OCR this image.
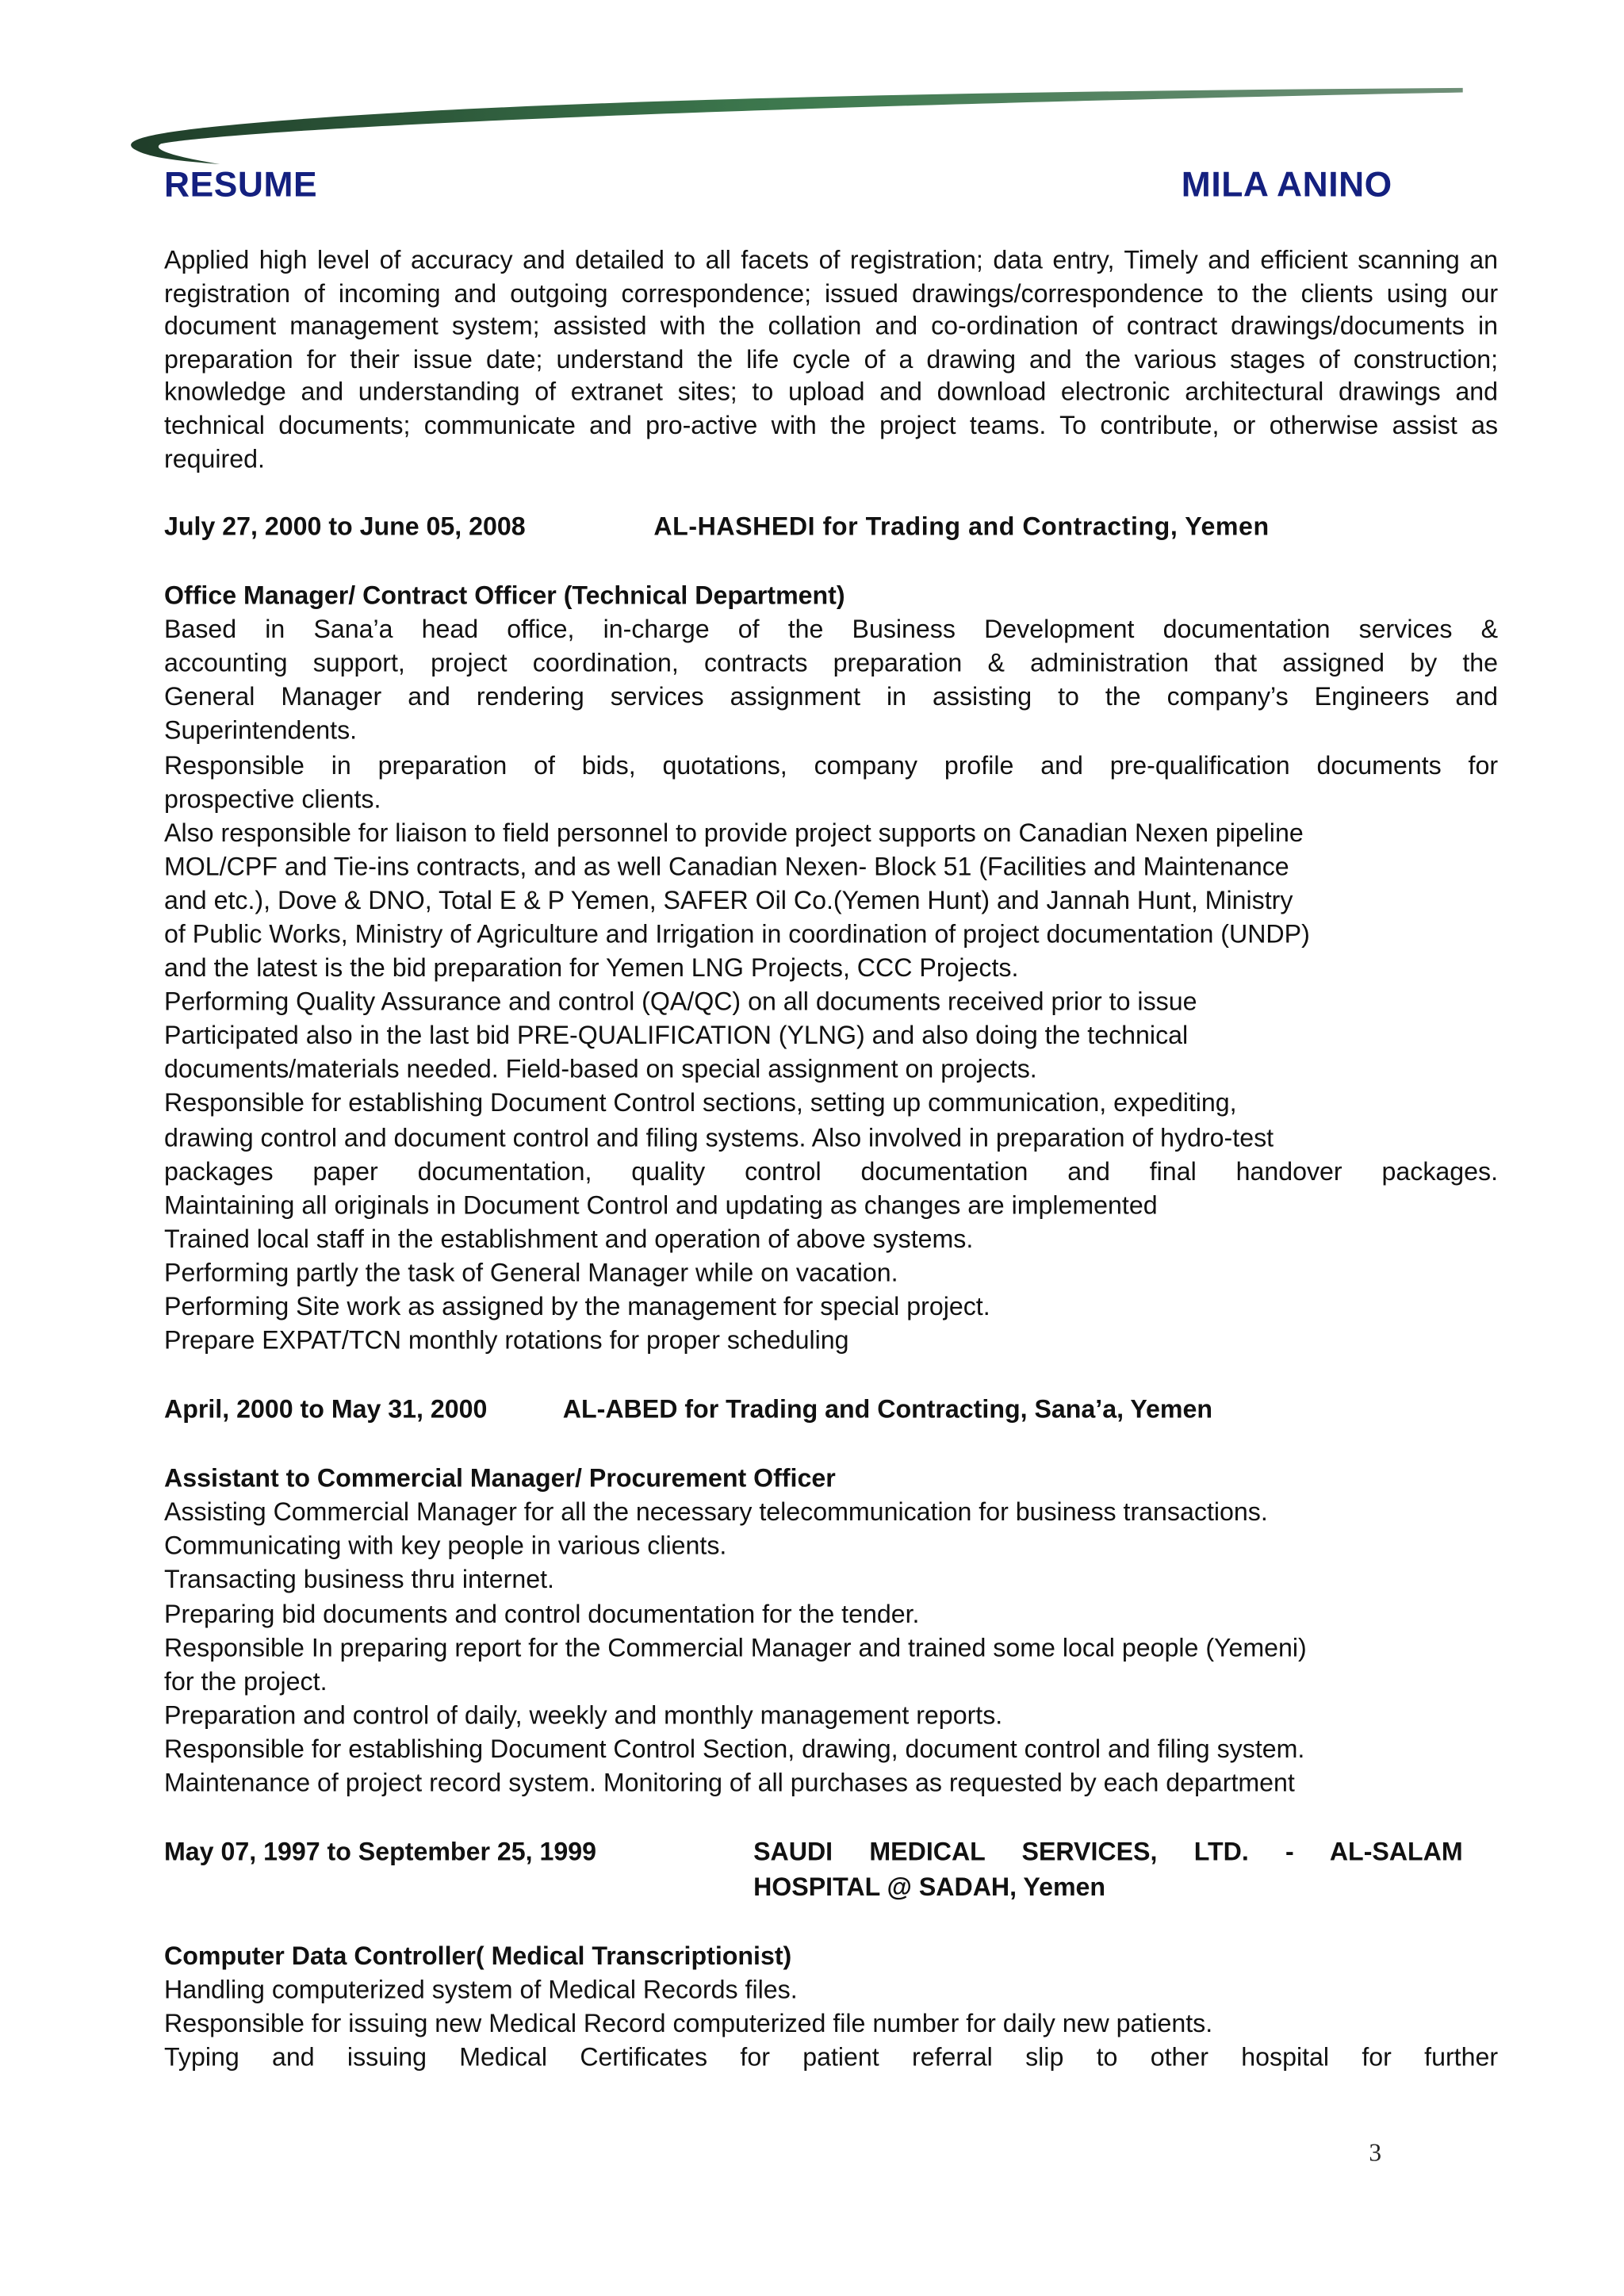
RESUME	MILA ANINO

Applied high level of accuracy and detailed to all facets of registration; data entry, Timely and efficient scanning an registration of incoming and outgoing correspondence; issued drawings/correspondence to the clients using our document management system; assisted with the collation and co-ordination of contract drawings/documents in preparation for their issue date; understand the life cycle of a drawing and the various stages of construction; knowledge and understanding of extranet sites; to upload and download electronic architectural drawings and technical documents; communicate and pro-active with the project teams. To contribute, or otherwise assist as required.

July 27, 2000 to June 05, 2008	AL-HASHEDI for Trading and Contracting, Yemen
Office Manager/ Contract Officer (Technical Department)
Based in Sana’a head office, in-charge of the Business Development documentation services &
accounting support, project coordination, contracts preparation & administration that assigned by the
General Manager and rendering services assignment in assisting to the company’s Engineers and
Superintendents.
Responsible in preparation of bids, quotations, company profile and pre-qualification documents for
prospective clients.
Also responsible for liaison to field personnel to provide project supports on Canadian Nexen pipeline
MOL/CPF and Tie-ins contracts, and as well Canadian Nexen- Block 51 (Facilities and Maintenance
and etc.), Dove & DNO, Total E & P Yemen, SAFER Oil Co.(Yemen Hunt) and Jannah Hunt, Ministry
of Public Works, Ministry of Agriculture and Irrigation in coordination of project documentation (UNDP)
and the latest is the bid preparation for Yemen LNG Projects, CCC Projects.
Performing Quality Assurance and control (QA/QC) on all documents received prior to issue
Participated also in the last bid PRE-QUALIFICATION (YLNG) and also doing the technical
documents/materials needed. Field-based on special assignment on projects.
Responsible for establishing Document Control sections, setting up communication, expediting,
drawing control and document control and filing systems. Also involved in preparation of hydro-test
packages paper documentation, quality control documentation and final handover packages.
Maintaining all originals in Document Control and updating as changes are implemented
Trained local staff in the establishment and operation of above systems.
Performing partly the task of General Manager while on vacation.
Performing Site work as assigned by the management for special project.
Prepare EXPAT/TCN monthly rotations for proper scheduling
April, 2000 to May 31, 2000	AL-ABED for Trading and Contracting, Sana’a, Yemen
Assistant to Commercial Manager/ Procurement Officer
Assisting Commercial Manager for all the necessary telecommunication for business transactions.
Communicating with key people in various clients.
Transacting business thru internet.
Preparing bid documents and control documentation for the tender.
Responsible In preparing report for the Commercial Manager and trained some local people (Yemeni)
for the project.
Preparation and control of daily, weekly and monthly management reports.
Responsible for establishing Document Control Section, drawing, document control and filing system.
Maintenance of project record system. Monitoring of all purchases as requested by each department
May 07, 1997 to September 25, 1999	SAUDI MEDICAL SERVICES, LTD. - AL-SALAM
HOSPITAL @ SADAH, Yemen
Computer Data Controller( Medical Transcriptionist)
Handling computerized system of Medical Records files.
Responsible for issuing new Medical Record computerized file number for daily new patients.
Typing and issuing Medical Certificates for patient referral slip to other hospital for further
3
